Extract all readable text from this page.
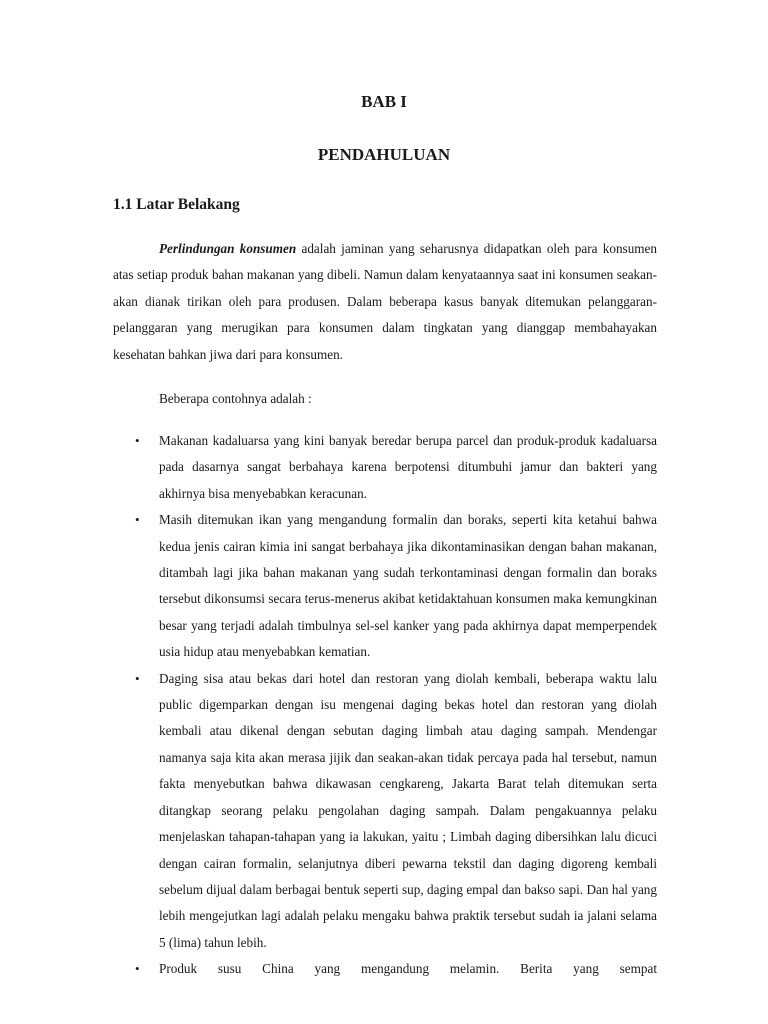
BAB I
PENDAHULUAN
1.1 Latar Belakang

Perlindungan konsumen adalah jaminan yang seharusnya didapatkan oleh para konsumen atas setiap produk bahan makanan yang dibeli. Namun dalam kenyataannya saat ini konsumen seakan-akan dianak tirikan oleh para produsen. Dalam beberapa kasus banyak ditemukan pelanggaran-pelanggaran yang merugikan para konsumen dalam tingkatan yang dianggap membahayakan kesehatan bahkan jiwa dari para konsumen.

Beberapa contohnya adalah :

• Makanan kadaluarsa yang kini banyak beredar berupa parcel dan produk-produk kadaluarsa pada dasarnya sangat berbahaya karena berpotensi ditumbuhi jamur dan bakteri yang akhirnya bisa menyebabkan keracunan.
• Masih ditemukan ikan yang mengandung formalin dan boraks, seperti kita ketahui bahwa kedua jenis cairan kimia ini sangat berbahaya jika dikontaminasikan dengan bahan makanan, ditambah lagi jika bahan makanan yang sudah terkontaminasi dengan formalin dan boraks tersebut dikonsumsi secara terus-menerus akibat ketidaktahuan konsumen maka kemungkinan besar yang terjadi adalah timbulnya sel-sel kanker yang pada akhirnya dapat memperpendek usia hidup atau menyebabkan kematian.
• Daging sisa atau bekas dari hotel dan restoran yang diolah kembali, beberapa waktu lalu public digemparkan dengan isu mengenai daging bekas hotel dan restoran yang diolah kembali atau dikenal dengan sebutan daging limbah atau daging sampah. Mendengar namanya saja kita akan merasa jijik dan seakan-akan tidak percaya pada hal tersebut, namun fakta menyebutkan bahwa dikawasan cengkareng, Jakarta Barat telah ditemukan serta ditangkap seorang pelaku pengolahan daging sampah. Dalam pengakuannya pelaku menjelaskan tahapan-tahapan yang ia lakukan, yaitu ; Limbah daging dibersihkan lalu dicuci dengan cairan formalin, selanjutnya diberi pewarna tekstil dan daging digoreng kembali sebelum dijual dalam berbagai bentuk seperti sup, daging empal dan bakso sapi. Dan hal yang lebih mengejutkan lagi adalah pelaku mengaku bahwa praktik tersebut sudah ia jalani selama 5 (lima) tahun lebih.
• Produk susu China yang mengandung melamin. Berita yang sempat
